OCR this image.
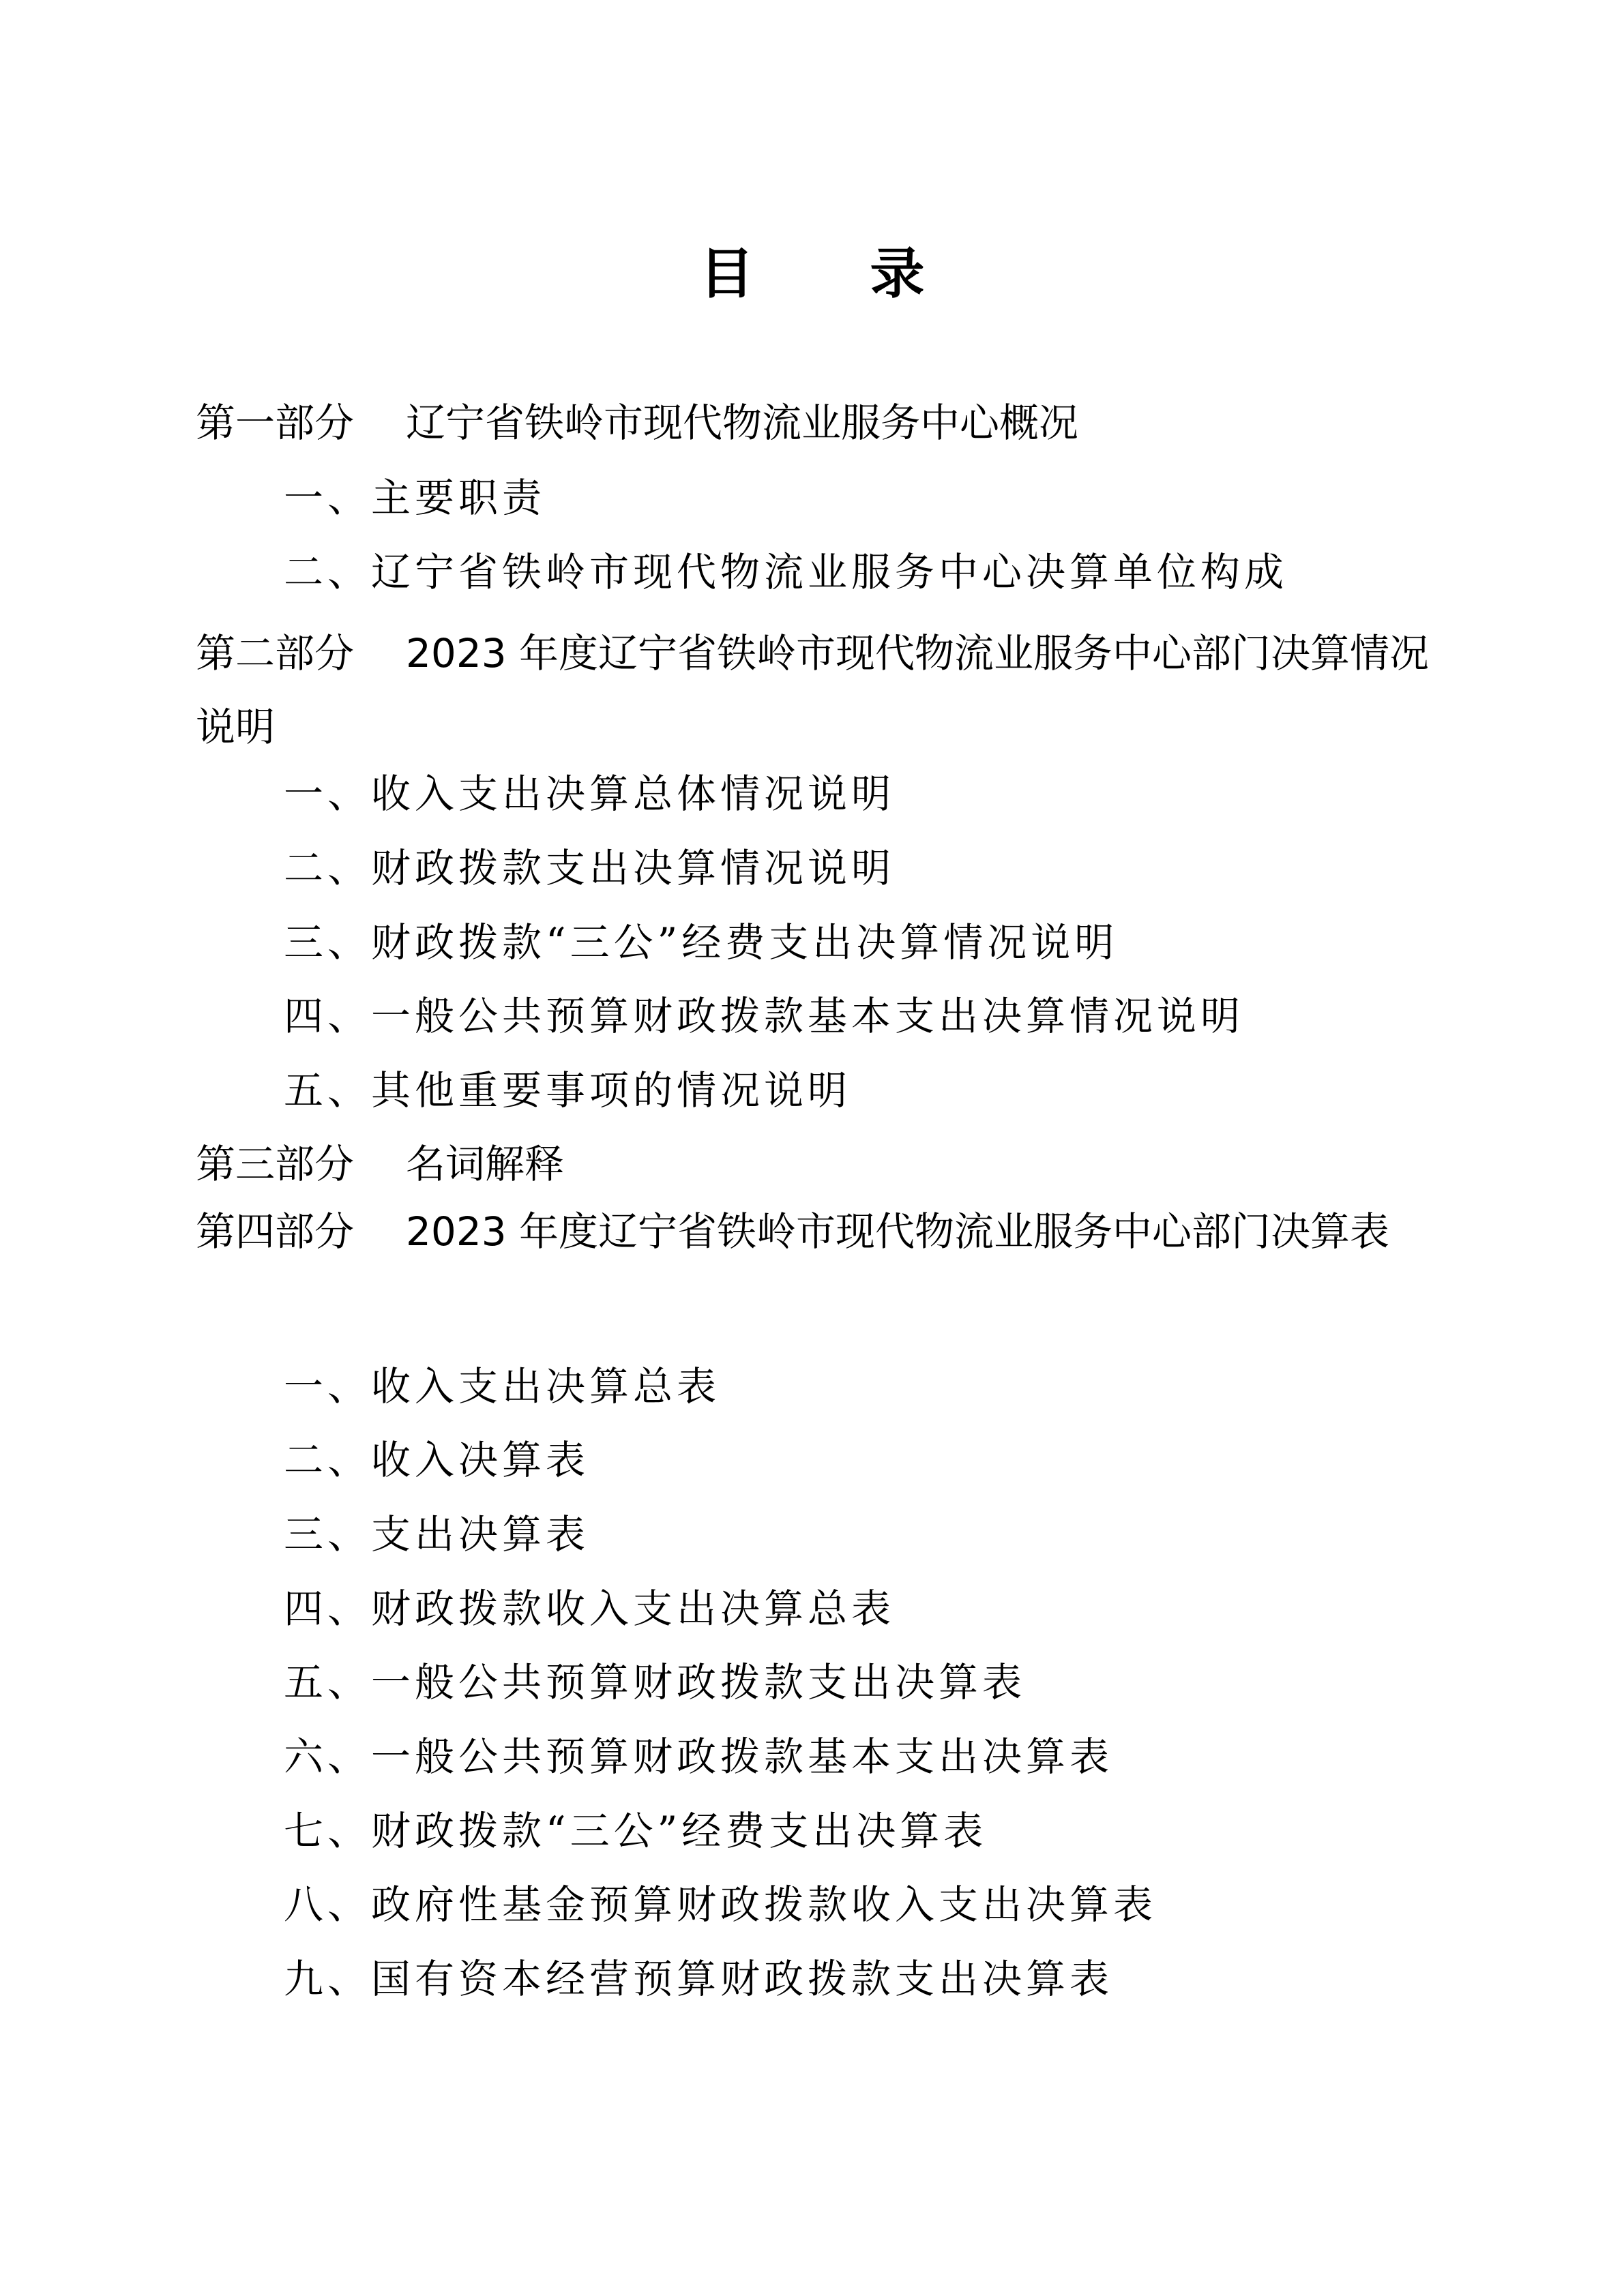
目 录
第一部分 辽宁省铁岭市现代物流业服务中心概况
一、主要职责
二、辽宁省铁岭市现代物流业服务中心决算单位构成
第二部分 2023 年度辽宁省铁岭市现代物流业服务中心部门决算情况说明
一、收入支出决算总体情况说明
二、财政拨款支出决算情况说明
三、财政拨款“三公”经费支出决算情况说明
四、一般公共预算财政拨款基本支出决算情况说明
五、其他重要事项的情况说明
第三部分 名词解释
第四部分 2023 年度辽宁省铁岭市现代物流业服务中心部门决算表
一、收入支出决算总表
二、收入决算表
三、支出决算表
四、财政拨款收入支出决算总表
五、一般公共预算财政拨款支出决算表
六、一般公共预算财政拨款基本支出决算表
七、财政拨款“三公”经费支出决算表
八、政府性基金预算财政拨款收入支出决算表
九、国有资本经营预算财政拨款支出决算表
